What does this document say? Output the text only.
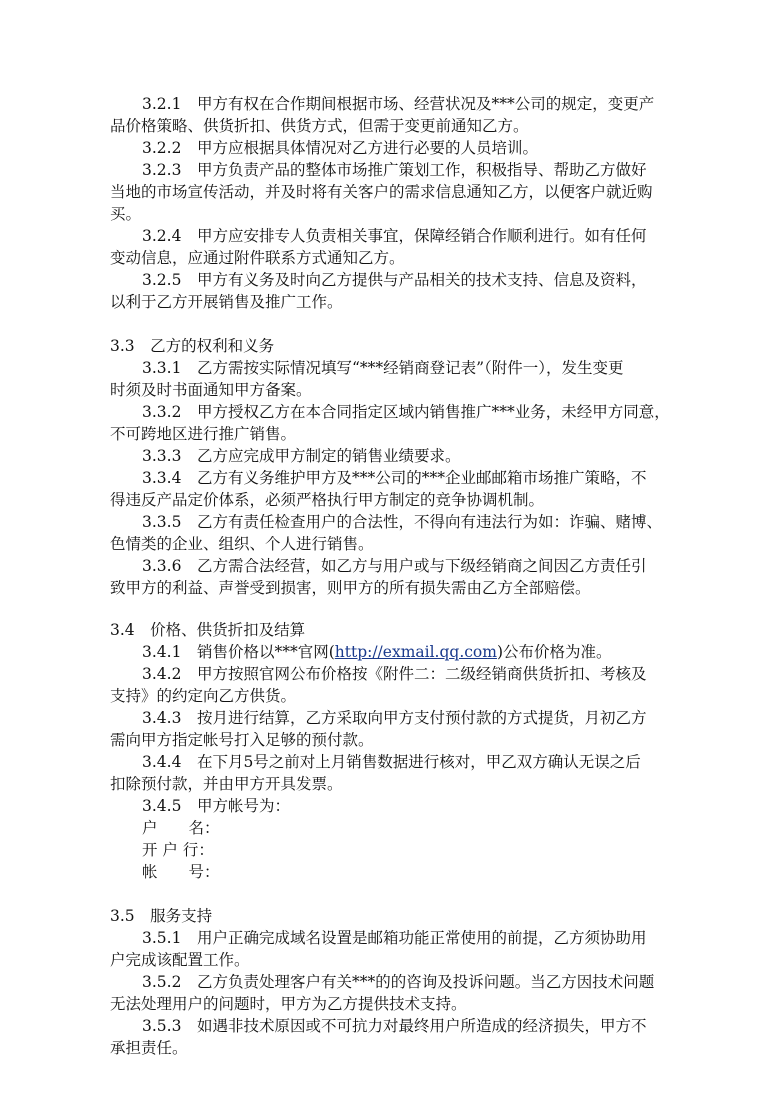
3.2.1　甲方有权在合作期间根据市场、经营状况及***公司的规定，变更产
品价格策略、供货折扣、供货方式，但需于变更前通知乙方。
3.2.2　甲方应根据具体情况对乙方进行必要的人员培训。
3.2.3　甲方负责产品的整体市场推广策划工作，积极指导、帮助乙方做好
当地的市场宣传活动，并及时将有关客户的需求信息通知乙方，以便客户就近购
买。
3.2.4　甲方应安排专人负责相关事宜，保障经销合作顺利进行。如有任何
变动信息，应通过附件联系方式通知乙方。
3.2.5　甲方有义务及时向乙方提供与产品相关的技术支持、信息及资料，
以利于乙方开展销售及推广工作。
3.3　乙方的权利和义务
3.3.1　乙方需按实际情况填写“***经销商登记表”（附件一），发生变更
时须及时书面通知甲方备案。
3.3.2　甲方授权乙方在本合同指定区域内销售推广***业务，未经甲方同意，
不可跨地区进行推广销售。
3.3.3　乙方应完成甲方制定的销售业绩要求。
3.3.4　乙方有义务维护甲方及***公司的***企业邮邮箱市场推广策略，不
得违反产品定价体系，必须严格执行甲方制定的竞争协调机制。
3.3.5　乙方有责任检查用户的合法性，不得向有违法行为如：诈骗、赌博、
色情类的企业、组织、个人进行销售。
3.3.6　乙方需合法经营，如乙方与用户或与下级经销商之间因乙方责任引
致甲方的利益、声誉受到损害，则甲方的所有损失需由乙方全部赔偿。
3.4　价格、供货折扣及结算
3.4.1　销售价格以***官网(http://exmail.qq.com)公布价格为准。
3.4.2　甲方按照官网公布价格按《附件二：二级经销商供货折扣、考核及
支持》的约定向乙方供货。
3.4.3　按月进行结算，乙方采取向甲方支付预付款的方式提货，月初乙方
需向甲方指定帐号打入足够的预付款。
3.4.4　在下月5号之前对上月销售数据进行核对，甲乙双方确认无误之后
扣除预付款，并由甲方开具发票。
3.4.5　甲方帐号为：
户　　名：
开 户 行：
帐　　号：
3.5　服务支持
3.5.1　用户正确完成域名设置是邮箱功能正常使用的前提，乙方须协助用
户完成该配置工作。
3.5.2　乙方负责处理客户有关***的的咨询及投诉问题。当乙方因技术问题
无法处理用户的问题时，甲方为乙方提供技术支持。
3.5.3　如遇非技术原因或不可抗力对最终用户所造成的经济损失，甲方不
承担责任。
